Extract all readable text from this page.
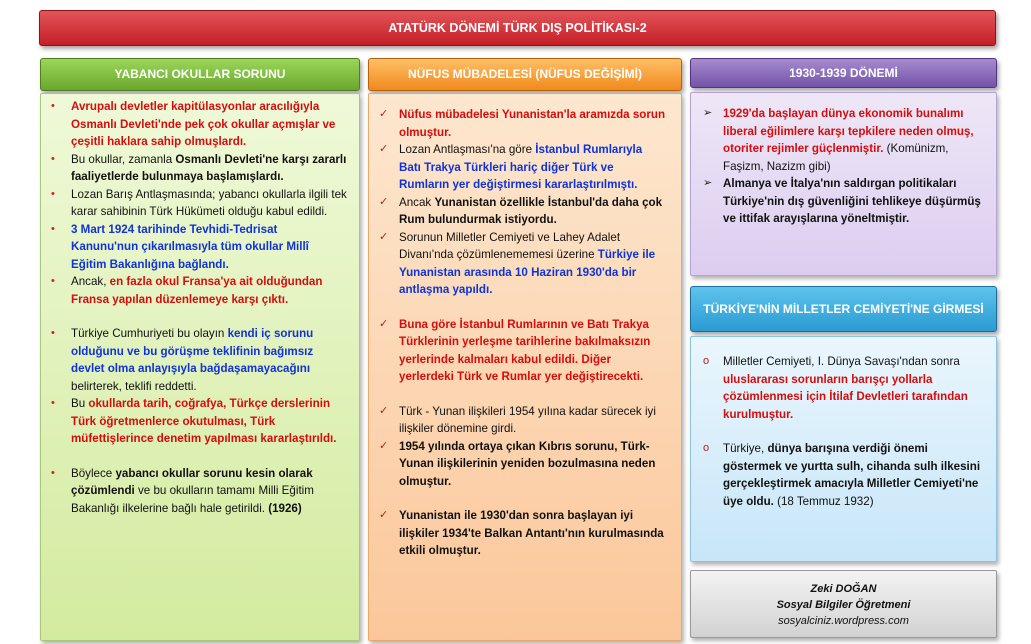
ATATÜRK DÖNEMİ TÜRK DIŞ POLİTİKASI-2
YABANCI OKULLAR SORUNU
• Avrupalı devletler kapitülasyonlar aracılığıyla Osmanlı Devleti'nde pek çok okullar açmışlar ve çeşitli haklara sahip olmuşlardı.
• Bu okullar, zamanla Osmanlı Devleti'ne karşı zararlı faaliyetlerde bulunmaya başlamışlardı.
• Lozan Barış Antlaşmasında; yabancı okullarla ilgili tek karar sahibinin Türk Hükümeti olduğu kabul edildi.
• 3 Mart 1924 tarihinde Tevhidi-Tedrisat Kanunu'nun çıkarılmasıyla tüm okullar Millî Eğitim Bakanlığına bağlandı.
• Ancak, en fazla okul Fransa'ya ait olduğundan Fransa yapılan düzenlemeye karşı çıktı.
• Türkiye Cumhuriyeti bu olayın kendi iç sorunu olduğunu ve bu görüşme teklifinin bağımsız devlet olma anlayışıyla bağdaşamayacağını belirterek, teklifi reddetti.
• Bu okullarda tarih, coğrafya, Türkçe derslerinin Türk öğretmenlerce okutulması, Türk müfettişlerince denetim yapılması kararlaştırıldı.
• Böylece yabancı okullar sorunu kesin olarak çözümlendi ve bu okulların tamamı Milli Eğitim Bakanlığı ilkelerine bağlı hale getirildi. (1926)
NÜFUS MÜBADELESİ (NÜFUS DEĞİŞİMİ)
✓ Nüfus mübadelesi Yunanistan'la aramızda sorun olmuştur.
✓ Lozan Antlaşması'na göre İstanbul Rumlarıyla Batı Trakya Türkleri hariç diğer Türk ve Rumların yer değiştirmesi kararlaştırılmıştı.
✓ Ancak Yunanistan özellikle İstanbul'da daha çok Rum bulundurmak istiyordu.
✓ Sorunun Milletler Cemiyeti ve Lahey Adalet Divanı'nda çözümlenememesi üzerine Türkiye ile Yunanistan arasında 10 Haziran 1930'da bir antlaşma yapıldı.
✓ Buna göre İstanbul Rumlarının ve Batı Trakya Türklerinin yerleşme tarihlerine bakılmaksızın yerlerinde kalmaları kabul edildi. Diğer yerlerdeki Türk ve Rumlar yer değiştirecekti.
✓ Türk - Yunan ilişkileri 1954 yılına kadar sürecek iyi ilişkiler dönemine girdi.
✓ 1954 yılında ortaya çıkan Kıbrıs sorunu, Türk-Yunan ilişkilerinin yeniden bozulmasına neden olmuştur.
✓ Yunanistan ile 1930'dan sonra başlayan iyi ilişkiler 1934'te Balkan Antantı'nın kurulmasında etkili olmuştur.
1930-1939 DÖNEMİ
➢ 1929'da başlayan dünya ekonomik bunalımı liberal eğilimlere karşı tepkilere neden olmuş, otoriter rejimler güçlenmiştir. (Komünizm, Faşizm, Nazizm gibi)
➢ Almanya ve İtalya'nın saldırgan politikaları Türkiye'nin dış güvenliğini tehlikeye düşürmüş ve ittifak arayışlarına yöneltmiştir.
TÜRKİYE'NİN MİLLETLER CEMİYETİ'NE GİRMESİ
o Milletler Cemiyeti, I. Dünya Savaşı'ndan sonra uluslararası sorunların barışçı yollarla çözümlenmesi için İtilaf Devletleri tarafından kurulmuştur.
o Türkiye, dünya barışına verdiği önemi göstermek ve yurtta sulh, cihanda sulh ilkesini gerçekleştirmek amacıyla Milletler Cemiyeti'ne üye oldu. (18 Temmuz 1932)
Zeki DOĞAN
Sosyal Bilgiler Öğretmeni
sosyalciniz.wordpress.com
